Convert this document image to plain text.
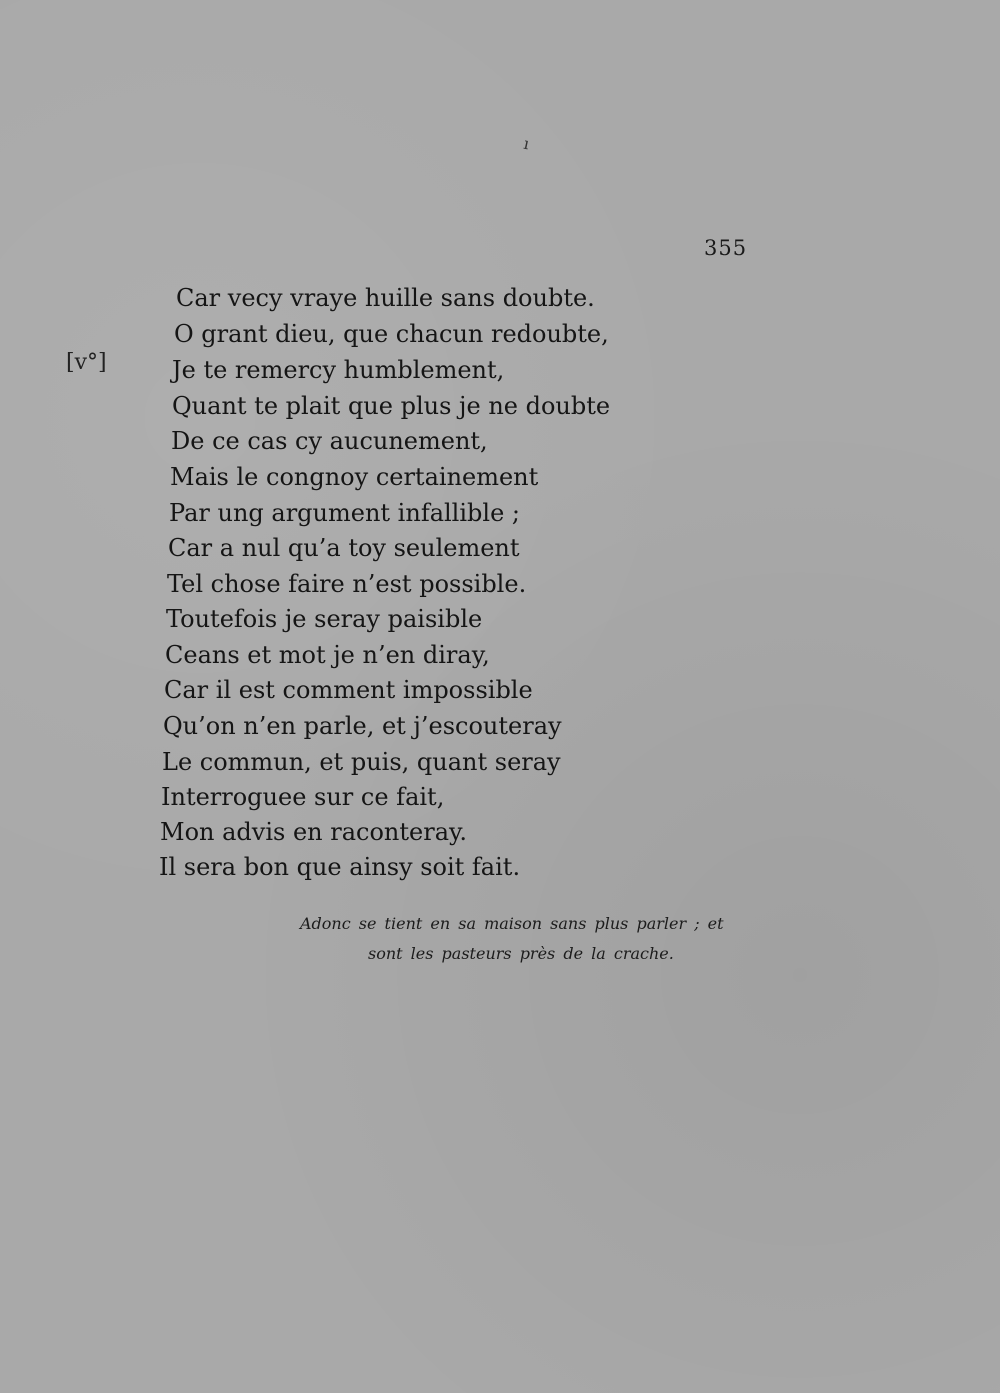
ı
355
[v°]
Car vecy vraye huille sans doubte.
O grant dieu, que chacun redoubte,
Je te remercy humblement,
Quant te plait que plus je ne doubte
De ce cas cy aucunement,
Mais le congnoy certainement
Par ung argument infallible ;
Car a nul qu’a toy seulement
Tel chose faire n’est possible.
Toutefois je seray paisible
Ceans et mot je n’en diray,
Car il est comment impossible
Qu’on n’en parle, et j’escouteray
Le commun, et puis, quant seray
Interroguee sur ce fait,
Mon advis en raconteray.
Il sera bon que ainsy soit fait.
Adonc se tient en sa maison sans plus parler ; et
sont les pasteurs près de la crache.
